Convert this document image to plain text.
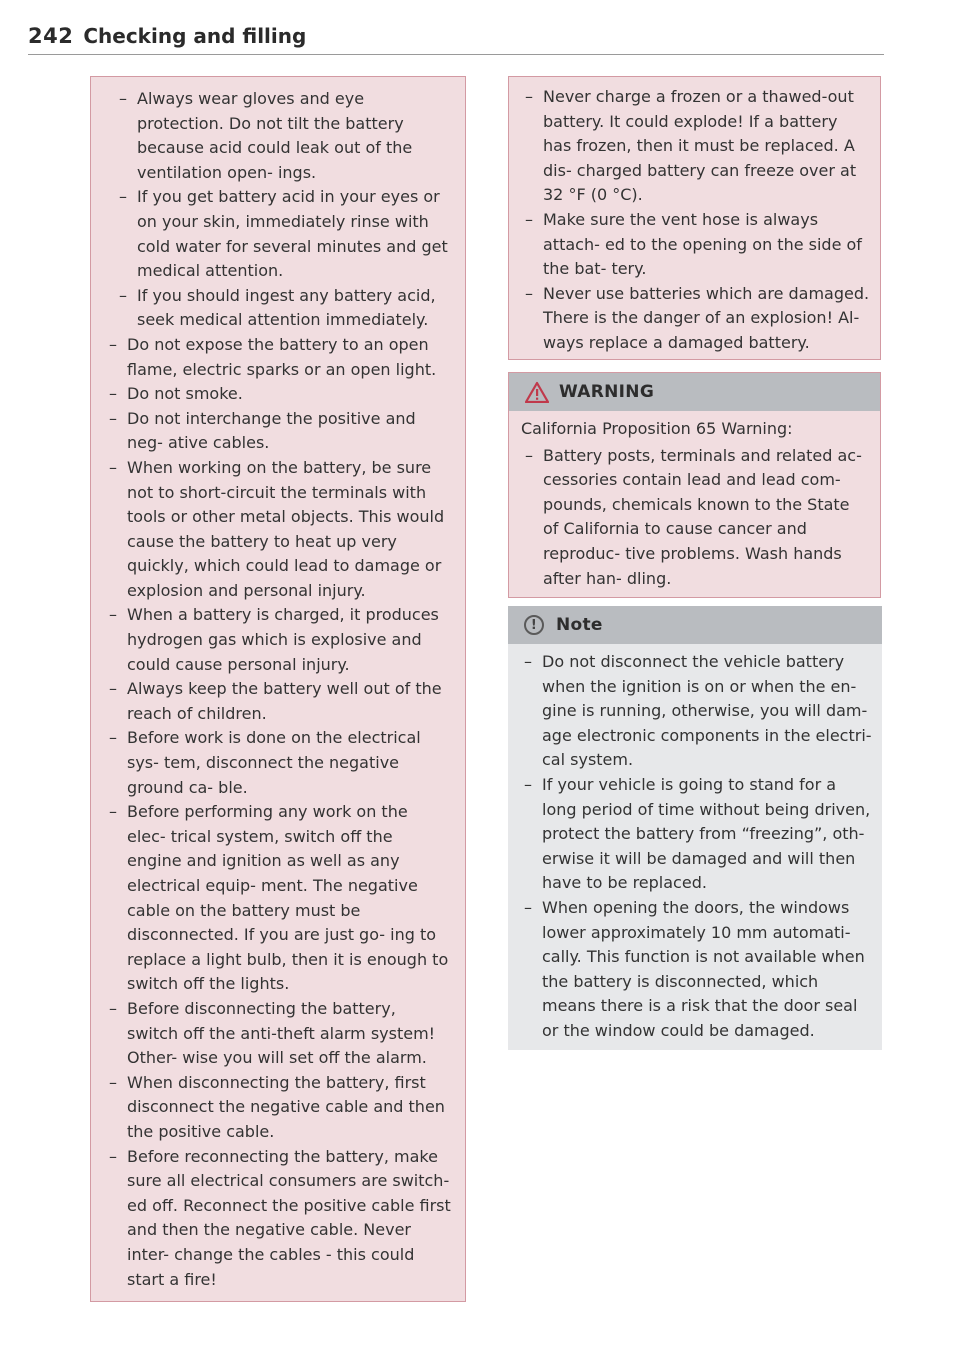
242 Checking and filling
– Always wear gloves and eye protection. Do not tilt the battery because acid could leak out of the ventilation open- ings.
– If you get battery acid in your eyes or on your skin, immediately rinse with cold water for several minutes and get medical attention.
– If you should ingest any battery acid, seek medical attention immediately.
– Do not expose the battery to an open flame, electric sparks or an open light.
– Do not smoke.
– Do not interchange the positive and neg- ative cables.
– When working on the battery, be sure not to short-circuit the terminals with tools or other metal objects. This would cause the battery to heat up very quickly, which could lead to damage or explosion and personal injury.
– When a battery is charged, it produces hydrogen gas which is explosive and could cause personal injury.
– Always keep the battery well out of the reach of children.
– Before work is done on the electrical sys- tem, disconnect the negative ground ca- ble.
– Before performing any work on the elec- trical system, switch off the engine and ignition as well as any electrical equip- ment. The negative cable on the battery must be disconnected. If you are just go- ing to replace a light bulb, then it is enough to switch off the lights.
– Before disconnecting the battery, switch off the anti-theft alarm system! Other- wise you will set off the alarm.
– When disconnecting the battery, first disconnect the negative cable and then the positive cable.
– Before reconnecting the battery, make sure all electrical consumers are switch- ed off. Reconnect the positive cable first and then the negative cable. Never inter- change the cables - this could start a fire!
– Never charge a frozen or a thawed-out battery. It could explode! If a battery has frozen, then it must be replaced. A dis- charged battery can freeze over at 32 °F (0 °C).
– Make sure the vent hose is always attach- ed to the opening on the side of the bat- tery.
– Never use batteries which are damaged. There is the danger of an explosion! Al- ways replace a damaged battery.
WARNING

California Proposition 65 Warning:

– Battery posts, terminals and related ac- cessories contain lead and lead com- pounds, chemicals known to the State of California to cause cancer and reproduc- tive problems. Wash hands after han- dling.
!	Note
– Do not disconnect the vehicle battery when the ignition is on or when the en- gine is running, otherwise, you will dam- age electronic components in the electri- cal system.
– If your vehicle is going to stand for a long period of time without being driven, protect the battery from “freezing”, oth- erwise it will be damaged and will then have to be replaced.
– When opening the doors, the windows lower approximately 10 mm automati- cally. This function is not available when the battery is disconnected, which means there is a risk that the door seal or the window could be damaged.
